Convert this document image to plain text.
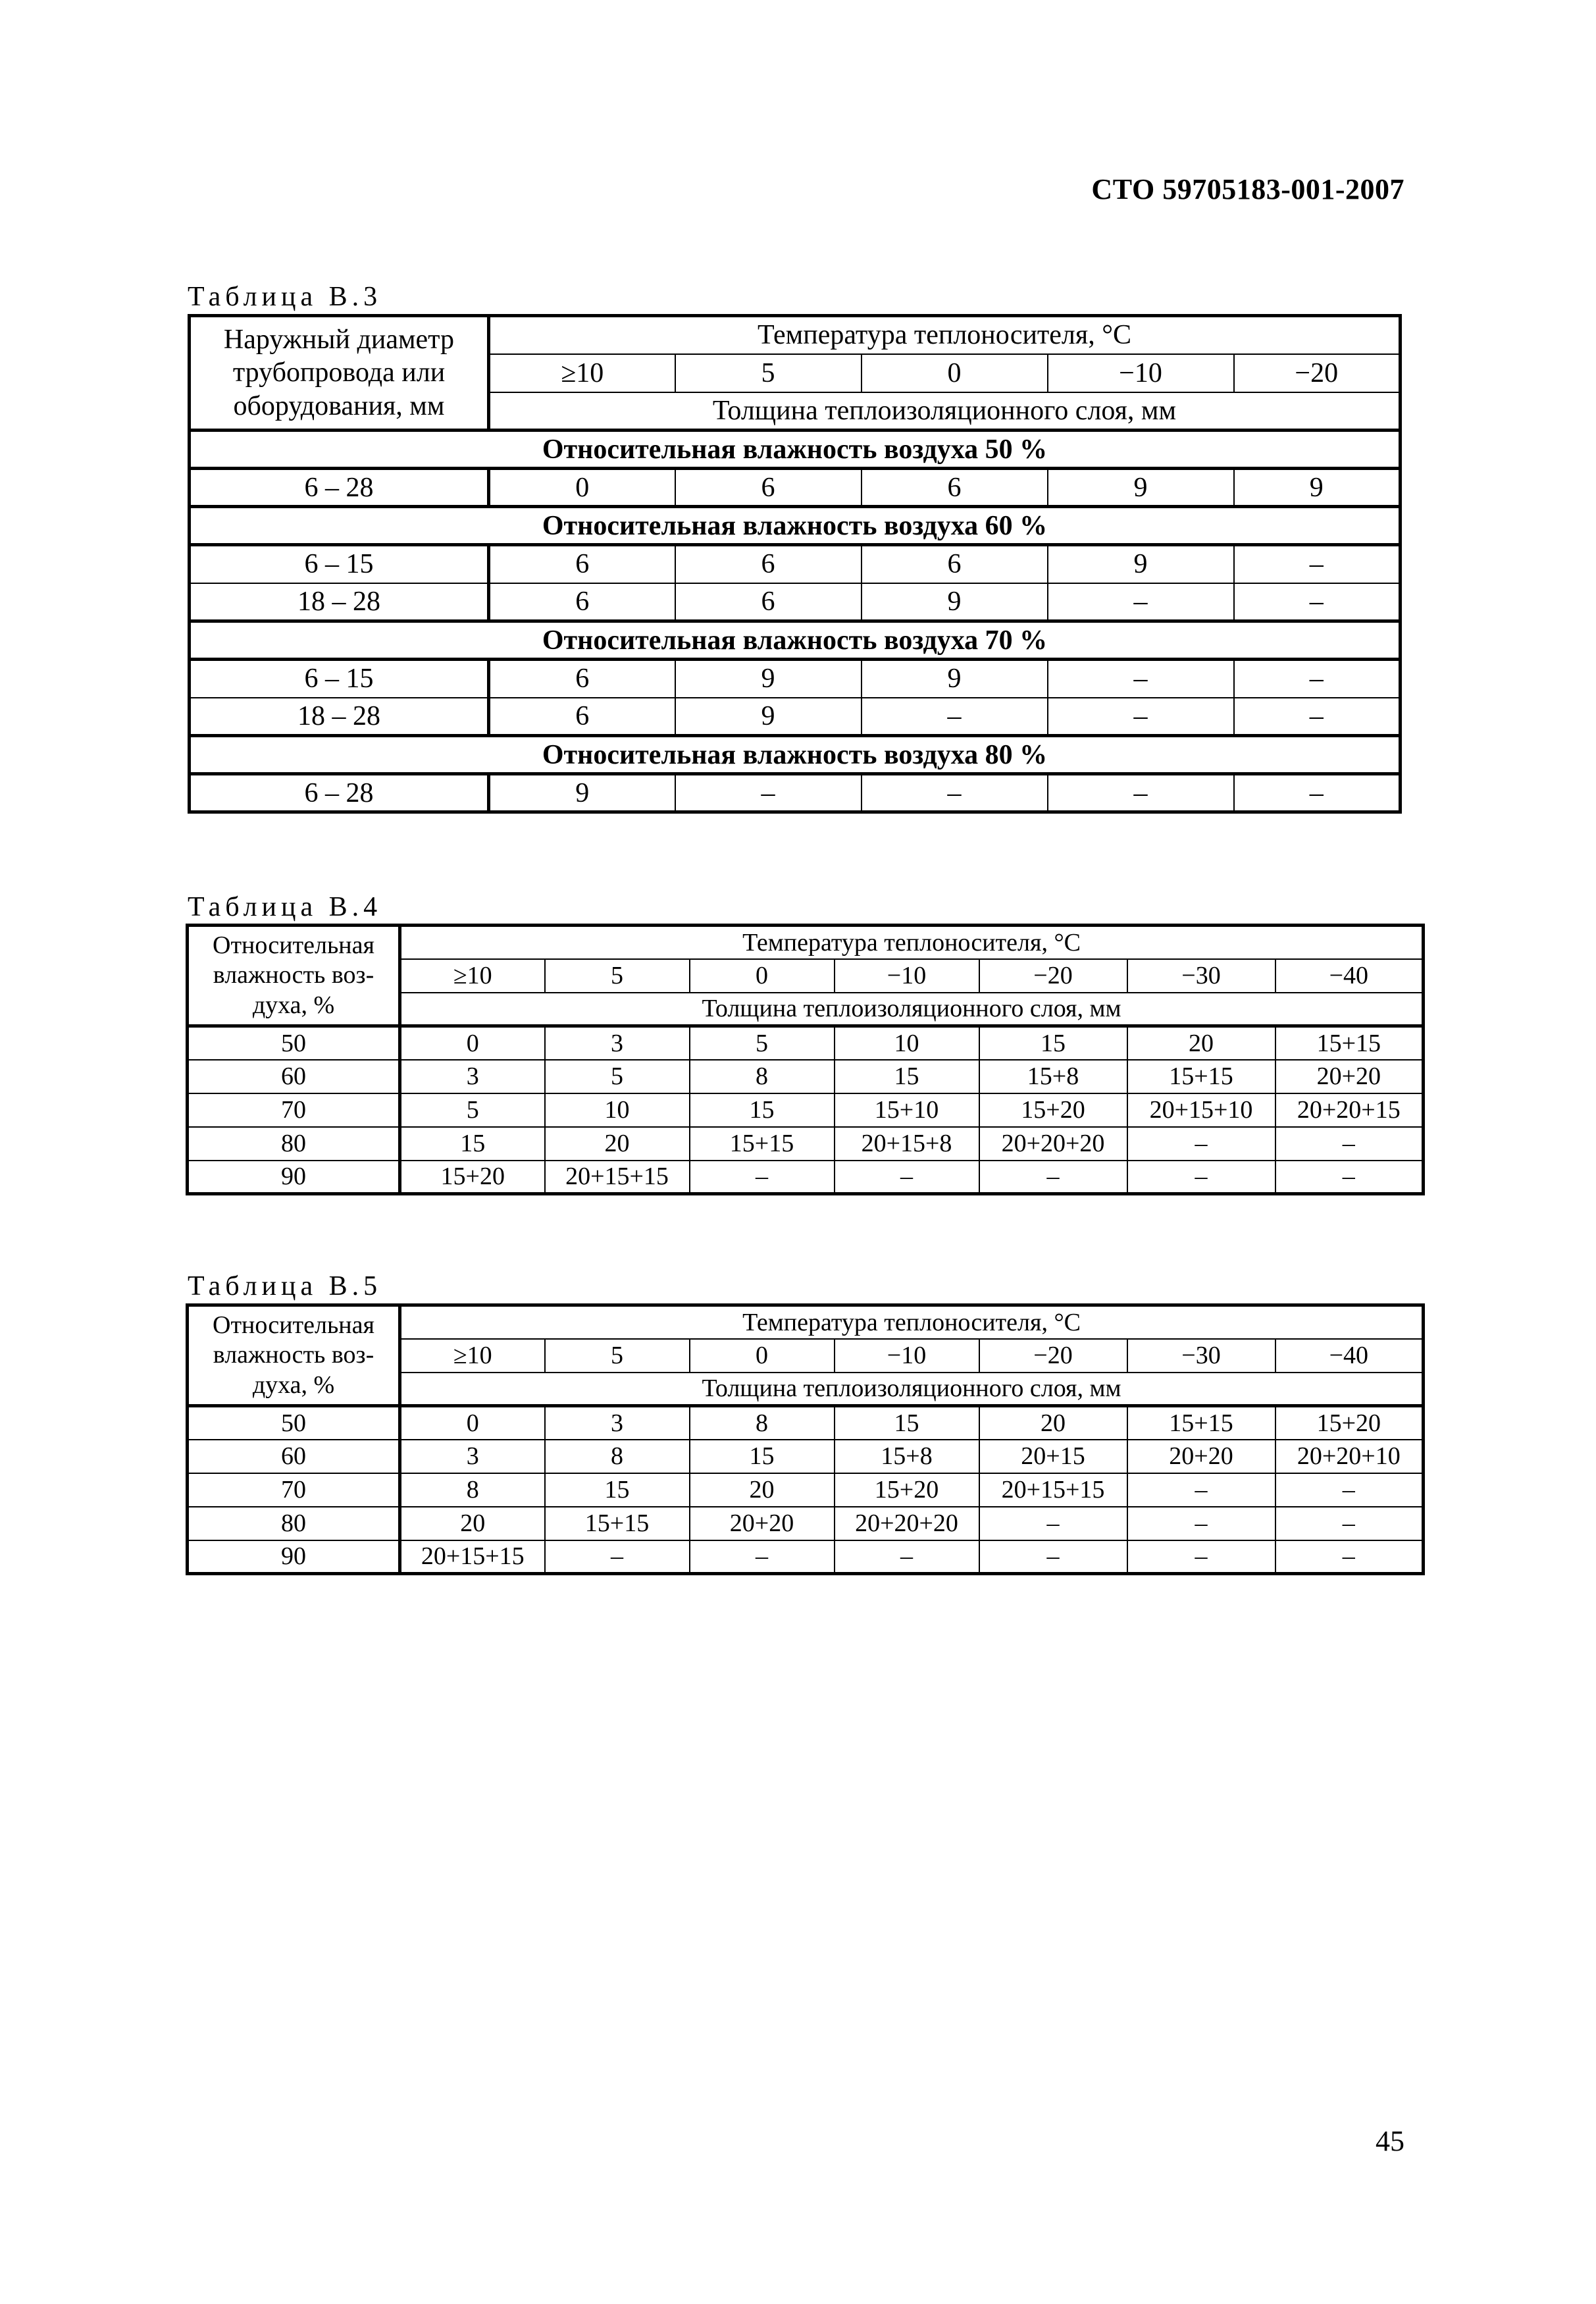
СТО 59705183-001-2007
Таблица В.3
Наружный диаметр трубопровода или оборудования, мм	Температура теплоносителя, °С				
	≥10	5	0	−10	−20
	Толщина теплоизоляционного слоя, мм				
Относительная влажность воздуха 50 %					
6 – 28	0	6	6	9	9
Относительная влажность воздуха 60 %					
6 – 15	6	6	6	9	–
18 – 28	6	6	9	–	–
Относительная влажность воздуха 70 %					
6 – 15	6	9	9	–	–
18 – 28	6	9	–	–	–
Относительная влажность воздуха 80 %					
6 – 28	9	–	–	–	–
Таблица В.4
Относительная влажность воз-духа, %	Температура теплоносителя, °С						
	≥10	5	0	−10	−20	−30	−40
	Толщина теплоизоляционного слоя, мм						
50	0	3	5	10	15	20	15+15
60	3	5	8	15	15+8	15+15	20+20
70	5	10	15	15+10	15+20	20+15+10	20+20+15
80	15	20	15+15	20+15+8	20+20+20	–	–
90	15+20	20+15+15	–	–	–	–	–
Таблица В.5
Относительная влажность воз-духа, %	Температура теплоносителя, °С						
	≥10	5	0	−10	−20	−30	−40
	Толщина теплоизоляционного слоя, мм						
50	0	3	8	15	20	15+15	15+20
60	3	8	15	15+8	20+15	20+20	20+20+10
70	8	15	20	15+20	20+15+15	–	–
80	20	15+15	20+20	20+20+20	–	–	–
90	20+15+15	–	–	–	–	–	–
45
